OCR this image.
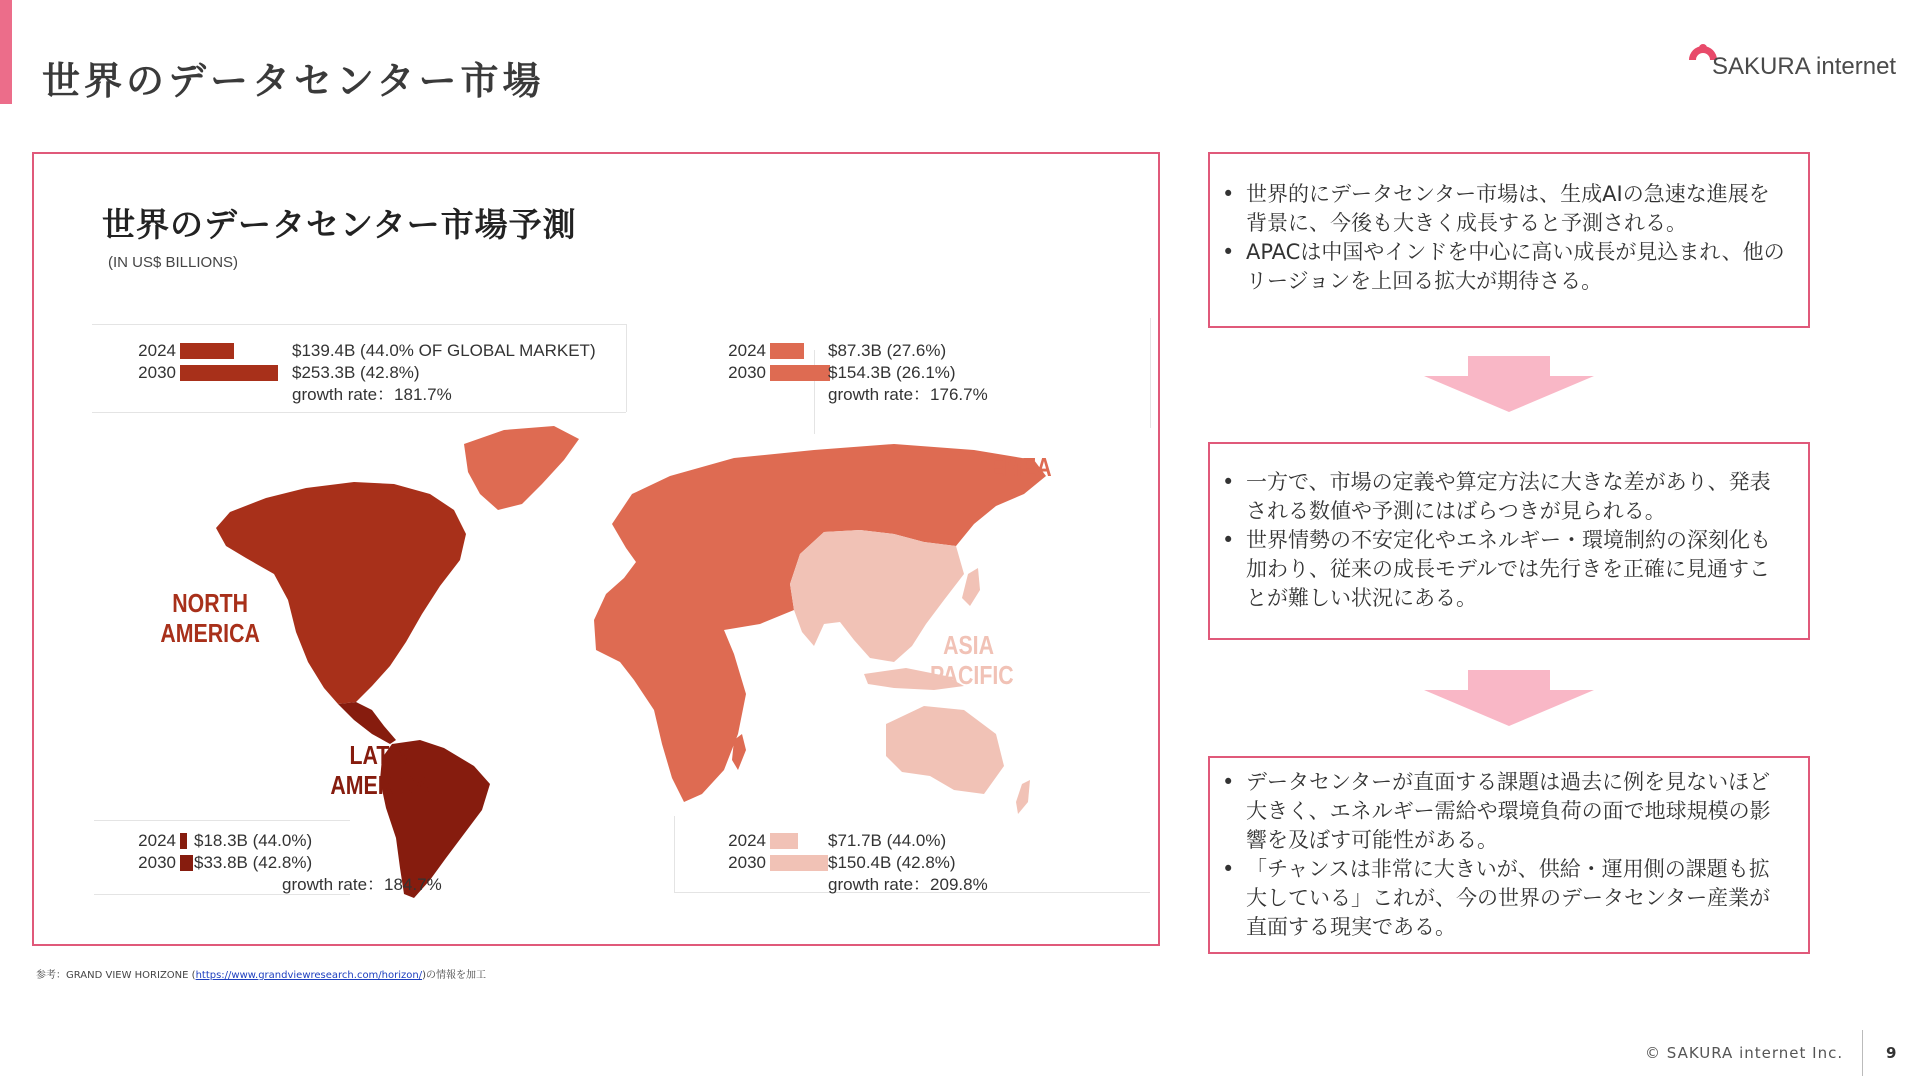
世界のデータセンター市場	SAKURA internet
世界のデータセンター市場予測
(IN US$ BILLIONS)
NORTH
AMERICA
EMEA
ASIA
PACIFIC
LATIN
AMERICA
2024	$139.4B (44.0% OF GLOBAL MARKET)
2030	$253.3B (42.8%)
growth rate：181.7%
2024	$87.3B (27.6%)
2030	$154.3B (26.1%)
growth rate：176.7%
2024 $18.3B (44.0%)
2030 $33.8B (42.8%)
growth rate：184.7%
2024	$71.7B (44.0%)
2030	$150.4B (42.8%)
growth rate：209.8%
• 世界的にデータセンター市場は、生成AIの急速な進展を背景に、今後も大きく成長すると予測される。
• APACは中国やインドを中心に高い成長が見込まれ、他のリージョンを上回る拡大が期待さる。
• 一方で、市場の定義や算定方法に大きな差があり、発表される数値や予測にはばらつきが見られる。
• 世界情勢の不安定化やエネルギー・環境制約の深刻化も加わり、従来の成長モデルでは先行きを正確に見通すことが難しい状況にある。
• データセンターが直面する課題は過去に例を見ないほど大きく、エネルギー需給や環境負荷の面で地球規模の影響を及ぼす可能性がある。
• 「チャンスは非常に大きいが、供給・運用側の課題も拡大している」これが、今の世界のデータセンター産業が直面する現実である。
参考：GRAND VIEW HORIZONE (https://www.grandviewresearch.com/horizon/)の情報を加工
© SAKURA internet Inc.	9
